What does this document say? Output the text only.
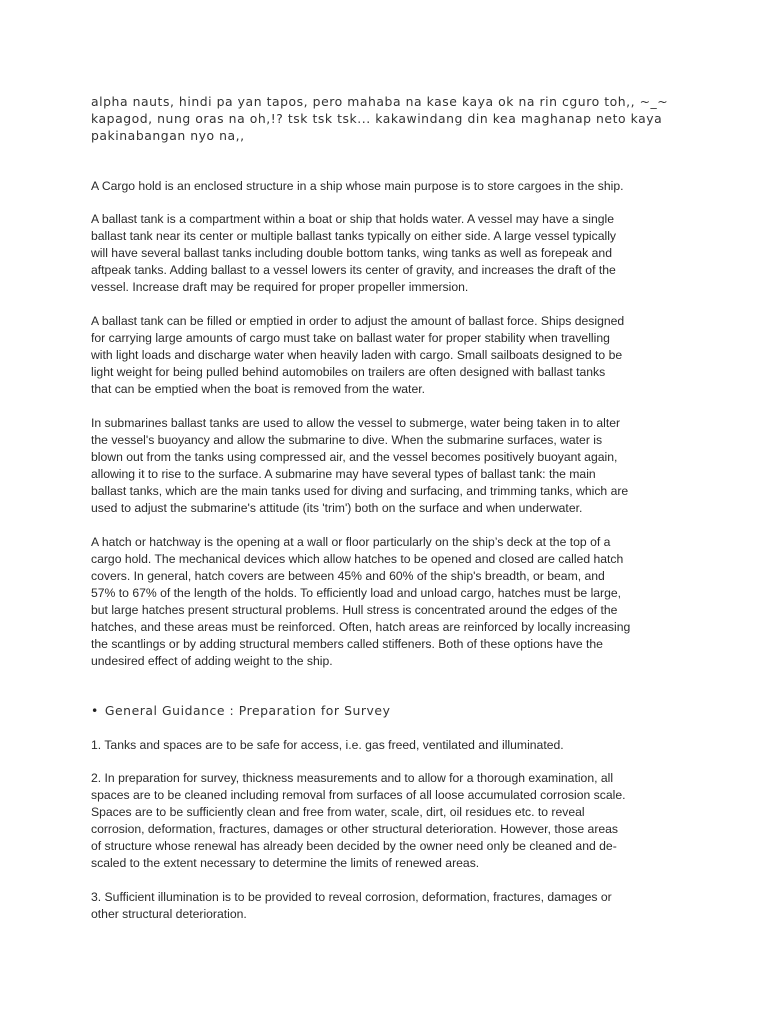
alpha nauts, hindi pa yan tapos, pero mahaba na kase kaya ok na rin cguro toh,, ~_~
kapagod, nung oras na oh,!? tsk tsk tsk... kakawindang din kea maghanap neto kaya
pakinabangan nyo na,,

A Cargo hold is an enclosed structure in a ship whose main purpose is to store cargoes in the ship.

A ballast tank is a compartment within a boat or ship that holds water. A vessel may have a single
ballast tank near its center or multiple ballast tanks typically on either side. A large vessel typically
will have several ballast tanks including double bottom tanks, wing tanks as well as forepeak and
aftpeak tanks. Adding ballast to a vessel lowers its center of gravity, and increases the draft of the
vessel. Increase draft may be required for proper propeller immersion.

A ballast tank can be filled or emptied in order to adjust the amount of ballast force. Ships designed
for carrying large amounts of cargo must take on ballast water for proper stability when travelling
with light loads and discharge water when heavily laden with cargo. Small sailboats designed to be
light weight for being pulled behind automobiles on trailers are often designed with ballast tanks
that can be emptied when the boat is removed from the water.

In submarines ballast tanks are used to allow the vessel to submerge, water being taken in to alter
the vessel's buoyancy and allow the submarine to dive. When the submarine surfaces, water is
blown out from the tanks using compressed air, and the vessel becomes positively buoyant again,
allowing it to rise to the surface. A submarine may have several types of ballast tank: the main
ballast tanks, which are the main tanks used for diving and surfacing, and trimming tanks, which are
used to adjust the submarine's attitude (its 'trim') both on the surface and when underwater.

A hatch or hatchway is the opening at a wall or floor particularly on the ship’s deck at the top of a
cargo hold. The mechanical devices which allow hatches to be opened and closed are called hatch
covers. In general, hatch covers are between 45% and 60% of the ship's breadth, or beam, and
57% to 67% of the length of the holds. To efficiently load and unload cargo, hatches must be large,
but large hatches present structural problems. Hull stress is concentrated around the edges of the
hatches, and these areas must be reinforced. Often, hatch areas are reinforced by locally increasing
the scantlings or by adding structural members called stiffeners. Both of these options have the
undesired effect of adding weight to the ship.

• General Guidance : Preparation for Survey

1. Tanks and spaces are to be safe for access, i.e. gas freed, ventilated and illuminated.

2. In preparation for survey, thickness measurements and to allow for a thorough examination, all
spaces are to be cleaned including removal from surfaces of all loose accumulated corrosion scale.
Spaces are to be sufficiently clean and free from water, scale, dirt, oil residues etc. to reveal
corrosion, deformation, fractures, damages or other structural deterioration. However, those areas
of structure whose renewal has already been decided by the owner need only be cleaned and de-
scaled to the extent necessary to determine the limits of renewed areas.

3. Sufficient illumination is to be provided to reveal corrosion, deformation, fractures, damages or
other structural deterioration.
